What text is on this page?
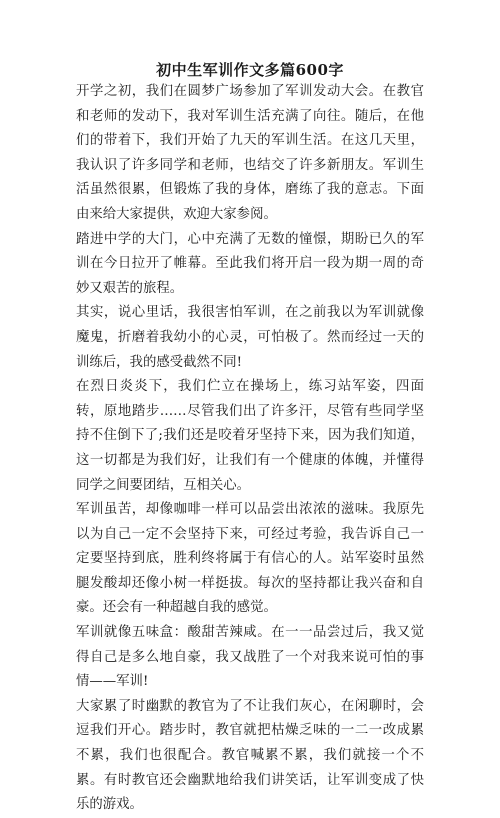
初中生军训作文多篇600字

开学之初，我们在圆梦广场参加了军训发动大会。在教官和老师的发动下，我对军训生活充满了向往。随后，在他们的带着下，我们开始了九天的军训生活。在这几天里，我认识了许多同学和老师，也结交了许多新朋友。军训生活虽然很累，但锻炼了我的身体，磨练了我的意志。下面由来给大家提供，欢迎大家参阅。

踏进中学的大门，心中充满了无数的憧憬，期盼已久的军训在今日拉开了帷幕。至此我们将开启一段为期一周的奇妙又艰苦的旅程。

其实，说心里话，我很害怕军训，在之前我以为军训就像魔鬼，折磨着我幼小的心灵，可怕极了。然而经过一天的训练后，我的感受截然不同!

在烈日炎炎下，我们伫立在操场上，练习站军姿，四面转，原地踏步……尽管我们出了许多汗，尽管有些同学坚持不住倒下了;我们还是咬着牙坚持下来，因为我们知道，这一切都是为我们好，让我们有一个健康的体魄，并懂得同学之间要团结，互相关心。

军训虽苦，却像咖啡一样可以品尝出浓浓的滋味。我原先以为自己一定不会坚持下来，可经过考验，我告诉自己一定要坚持到底，胜利终将属于有信心的人。站军姿时虽然腿发酸却还像小树一样挺拔。每次的坚持都让我兴奋和自豪。还会有一种超越自我的感觉。

军训就像五味盒：酸甜苦辣咸。在一一品尝过后，我又觉得自己是多么地自豪，我又战胜了一个对我来说可怕的事情——军训!

大家累了时幽默的教官为了不让我们灰心，在闲聊时，会逗我们开心。踏步时，教官就把枯燥乏味的一二一改成累不累，我们也很配合。教官喊累不累，我们就接一个不累。有时教官还会幽默地给我们讲笑话，让军训变成了快乐的游戏。
